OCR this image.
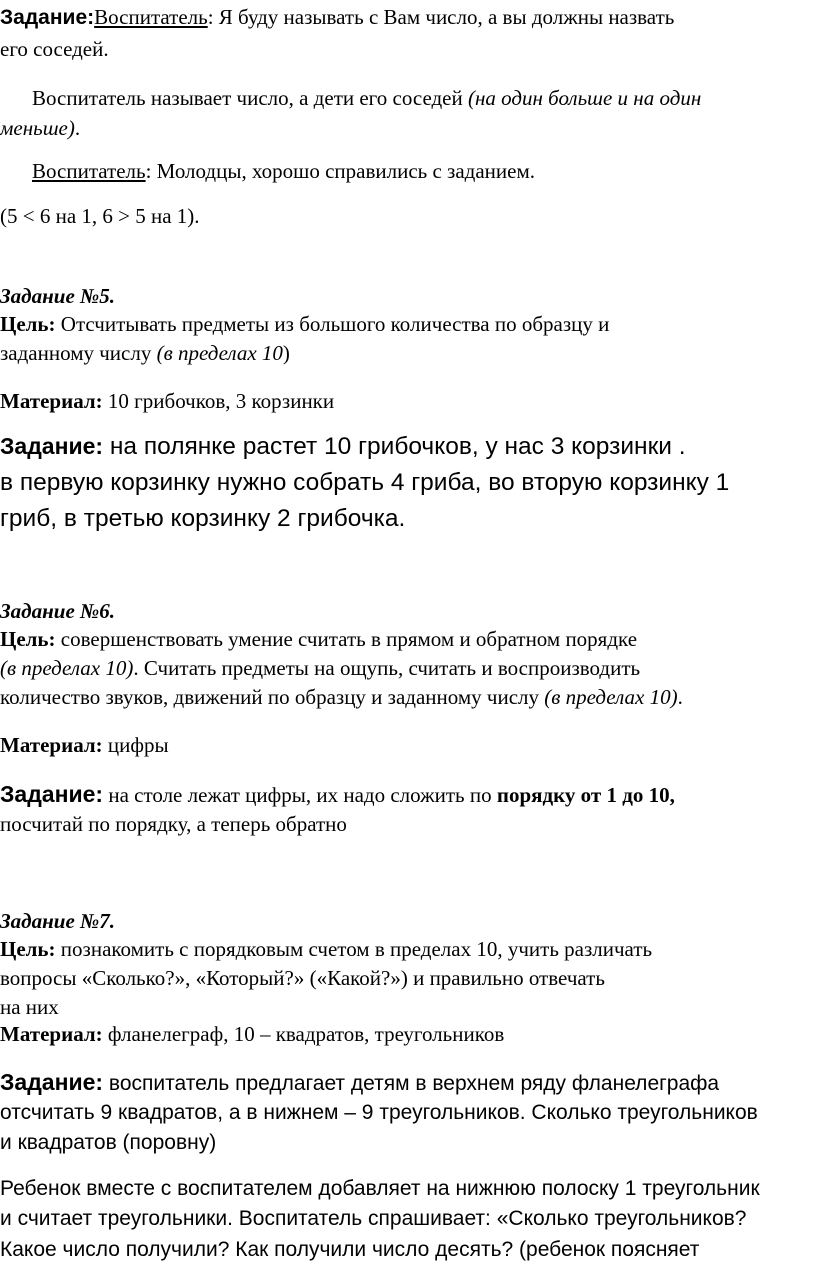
Задание:Воспитатель: Я буду называть с Вам число, а вы должны назвать

его соседей.

Воспитатель называет число, а дети его соседей (на один больше и на один

меньше).

Воспитатель: Молодцы, хорошо справились с заданием.

(5 < 6 на 1, 6 > 5 на 1).

Задание №5.

Цель: Отсчитывать предметы из большого количества по образцу и

заданному числу (в пределах 10)

Материал: 10 грибочков, 3 корзинки

Задание: на полянке растет 10 грибочков, у нас 3 корзинки .

в первую корзинку нужно собрать 4 гриба, во вторую корзинку 1

гриб, в третью корзинку 2 грибочка.

Задание №6.

Цель: совершенствовать умение считать в прямом и обратном порядке

(в пределах 10). Считать предметы на ощупь, считать и воспроизводить

количество звуков, движений по образцу и заданному числу (в пределах 10).

Материал: цифры

Задание: на столе лежат цифры, их надо сложить по порядку от 1 до 10,

посчитай по порядку, а теперь обратно

Задание №7.

Цель: познакомить с порядковым счетом в пределах 10, учить различать

вопросы «Сколько?», «Который?» («Какой?») и правильно отвечать

на них

Материал: фланелеграф, 10 – квадратов, треугольников

Задание: воспитатель предлагает детям в верхнем ряду фланелеграфа

отсчитать 9 квадратов, а в нижнем – 9 треугольников. Сколько треугольников

и квадратов (поровну)

Ребенок вместе с воспитателем добавляет на нижнюю полоску 1 треугольник

и считает треугольники. Воспитатель спрашивает: «Сколько треугольников?

Какое число получили? Как получили число десять? (ребенок поясняет
